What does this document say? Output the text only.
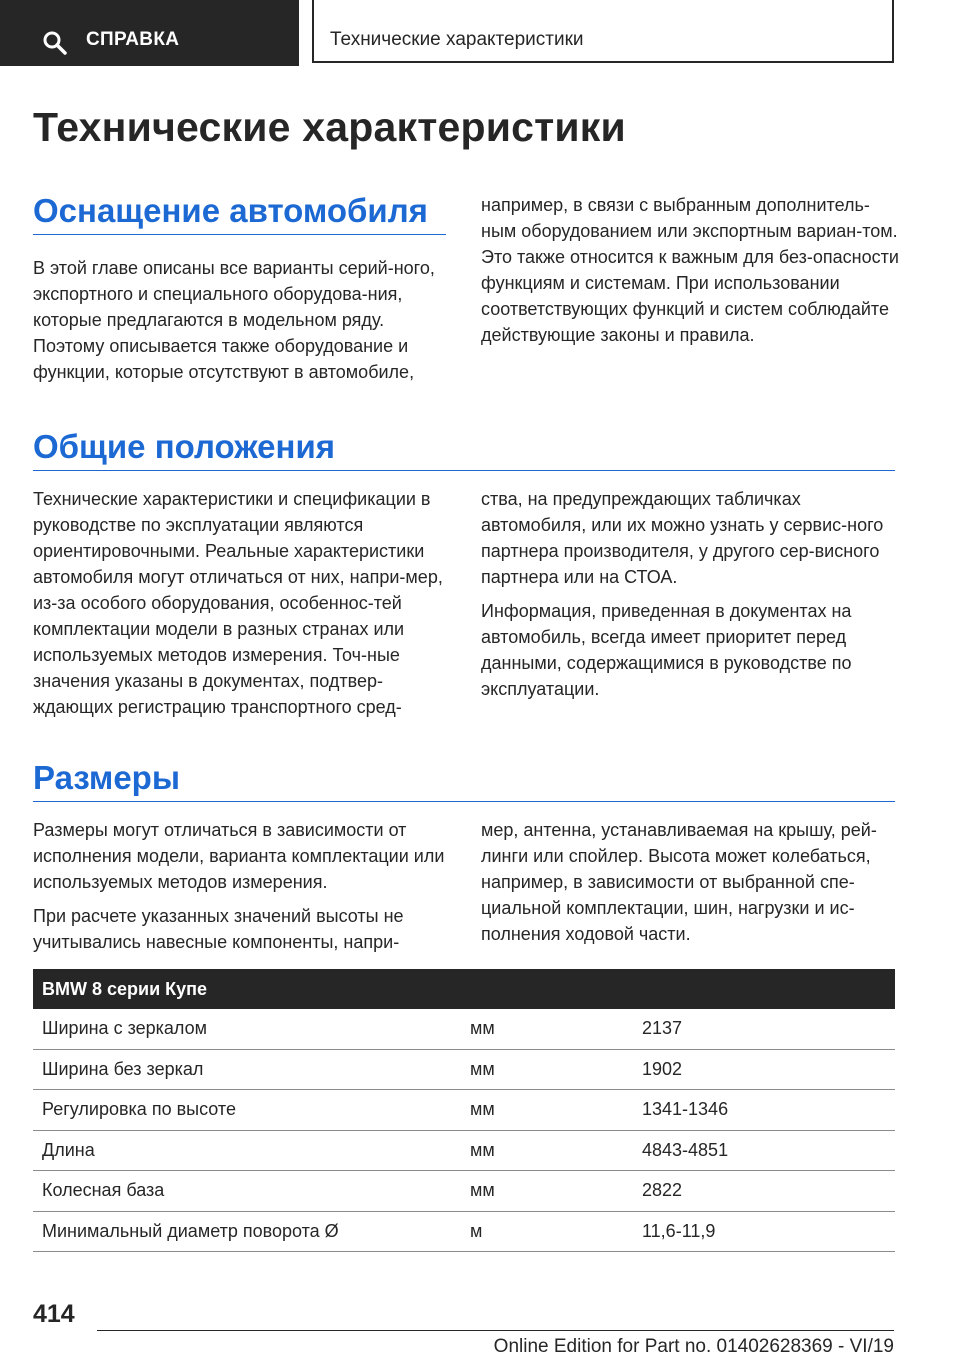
СПРАВКА	Технические характеристики
Технические характеристики
Оснащение автомобиля

В этой главе описаны все варианты серий-ного, экспортного и специального оборудова-ния, которые предлагаются в модельном ряду. Поэтому описывается также оборудование и функции, которые отсутствуют в автомобиле,

например, в связи с выбранным дополнитель-ным оборудованием или экспортным вариан-том. Это также относится к важным для без-опасности функциям и системам. При использовании соответствующих функций и систем соблюдайте действующие законы и правила.

Общие положения

Технические характеристики и спецификации в руководстве по эксплуатации являются ориентировочными. Реальные характеристики автомобиля могут отличаться от них, напри-мер, из-за особого оборудования, особеннос-тей комплектации модели в разных странах или используемых методов измерения. Точ-ные значения указаны в документах, подтвер-ждающих регистрацию транспортного сред-

ства, на предупреждающих табличках автомобиля, или их можно узнать у сервис-ного партнера производителя, у другого сер-висного партнера или на СТОА.

Информация, приведенная в документах на автомобиль, всегда имеет приоритет перед данными, содержащимися в руководстве по эксплуатации.

Размеры

Размеры могут отличаться в зависимости от исполнения модели, варианта комплектации или используемых методов измерения.

При расчете указанных значений высоты не учитывались навесные компоненты, напри-

мер, антенна, устанавливаемая на крышу, рей-линги или спойлер. Высота может колебаться, например, в зависимости от выбранной спе-циальной комплектации, шин, нагрузки и ис-полнения ходовой части.

BMW 8 серии Купе
Ширина с зеркалом	мм	2137
Ширина без зеркал	мм	1902
Регулировка по высоте	мм	1341-1346
Длина	мм	4843-4851
Колесная база	мм	2822
Минимальный диаметр поворота Ø	м	11,6-11,9
414
Online Edition for Part no. 01402628369 - VI/19
